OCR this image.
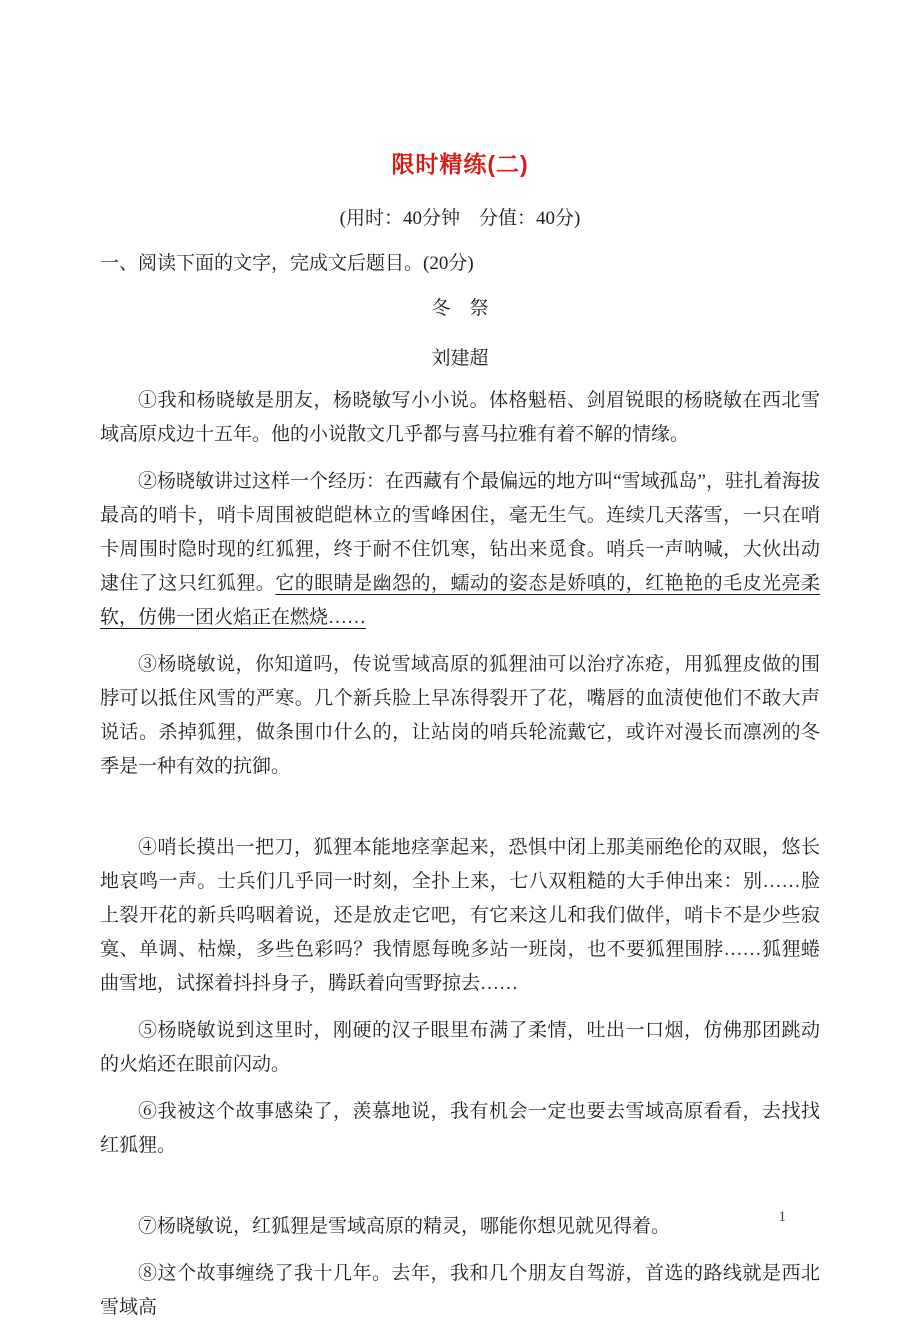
限时精练(二)
(用时：40分钟　分值：40分)
一、阅读下面的文字，完成文后题目。(20分)
冬　祭
刘建超

①我和杨晓敏是朋友，杨晓敏写小小说。体格魁梧、剑眉锐眼的杨晓敏在西北雪域高原戍边十五年。他的小说散文几乎都与喜马拉雅有着不解的情缘。

②杨晓敏讲过这样一个经历：在西藏有个最偏远的地方叫“雪域孤岛”，驻扎着海拔最高的哨卡，哨卡周围被皑皑林立的雪峰困住，毫无生气。连续几天落雪，一只在哨卡周围时隐时现的红狐狸，终于耐不住饥寒，钻出来觅食。哨兵一声呐喊，大伙出动逮住了这只红狐狸。它的眼睛是幽怨的，蠕动的姿态是娇嗔的，红艳艳的毛皮光亮柔软，仿佛一团火焰正在燃烧……

③杨晓敏说，你知道吗，传说雪域高原的狐狸油可以治疗冻疮，用狐狸皮做的围脖可以抵住风雪的严寒。几个新兵脸上早冻得裂开了花，嘴唇的血渍使他们不敢大声说话。杀掉狐狸，做条围巾什么的，让站岗的哨兵轮流戴它，或许对漫长而凛冽的冬季是一种有效的抗御。

④哨长摸出一把刀，狐狸本能地痉挛起来，恐惧中闭上那美丽绝伦的双眼，悠长地哀鸣一声。士兵们几乎同一时刻，全扑上来，七八双粗糙的大手伸出来：别……脸上裂开花的新兵呜咽着说，还是放走它吧，有它来这儿和我们做伴，哨卡不是少些寂寞、单调、枯燥，多些色彩吗？我情愿每晚多站一班岗，也不要狐狸围脖……狐狸蜷曲雪地，试探着抖抖身子，腾跃着向雪野掠去……

⑤杨晓敏说到这里时，刚硬的汉子眼里布满了柔情，吐出一口烟，仿佛那团跳动的火焰还在眼前闪动。

⑥我被这个故事感染了，羡慕地说，我有机会一定也要去雪域高原看看，去找找红狐狸。

⑦杨晓敏说，红狐狸是雪域高原的精灵，哪能你想见就见得着。

⑧这个故事缠绕了我十几年。去年，我和几个朋友自驾游，首选的路线就是西北雪域高

1
